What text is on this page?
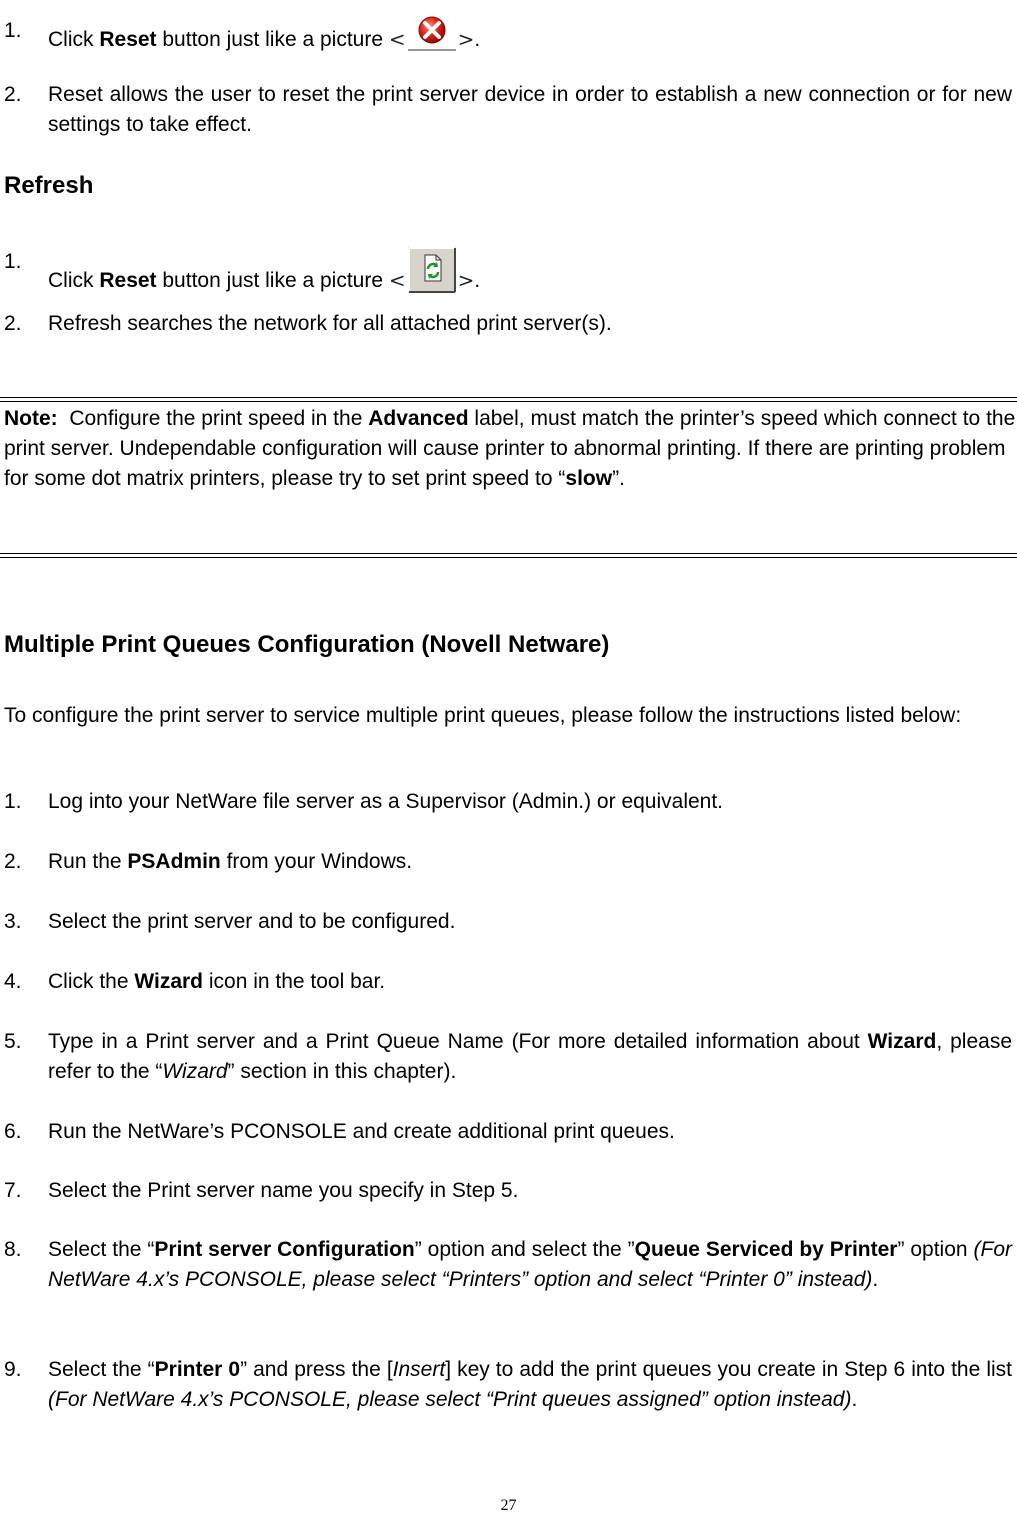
1. Click Reset button just like a picture <	>.
2. Reset allows the user to reset the print server device in order to establish a new connection or for new settings to take effect.
Refresh
1.
Click Reset button just like a picture <	>.
2. Refresh searches the network for all attached print server(s).
Note:  Configure the print speed in the Advanced label, must match the printer’s speed which connect to the print server. Undependable configuration will cause printer to abnormal printing. If there are printing problem for some dot matrix printers, please try to set print speed to “slow”.
Multiple Print Queues Configuration (Novell Netware)
To configure the print server to service multiple print queues, please follow the instructions listed below:
1. Log into your NetWare file server as a Supervisor (Admin.) or equivalent.
2. Run the PSAdmin from your Windows.
3. Select the print server and to be configured.
4. Click the Wizard icon in the tool bar.
5. Type in a Print server and a Print Queue Name (For more detailed information about Wizard, please refer to the “Wizard” section in this chapter).
6. Run the NetWare’s PCONSOLE and create additional print queues.
7. Select the Print server name you specify in Step 5.
8. Select the “Print server Configuration” option and select the ”Queue Serviced by Printer” option (For NetWare 4.x’s PCONSOLE, please select “Printers” option and select “Printer 0” instead).
9. Select the “Printer 0” and press the [Insert] key to add the print queues you create in Step 6 into the list (For NetWare 4.x’s PCONSOLE, please select “Print queues assigned” option instead).
27
